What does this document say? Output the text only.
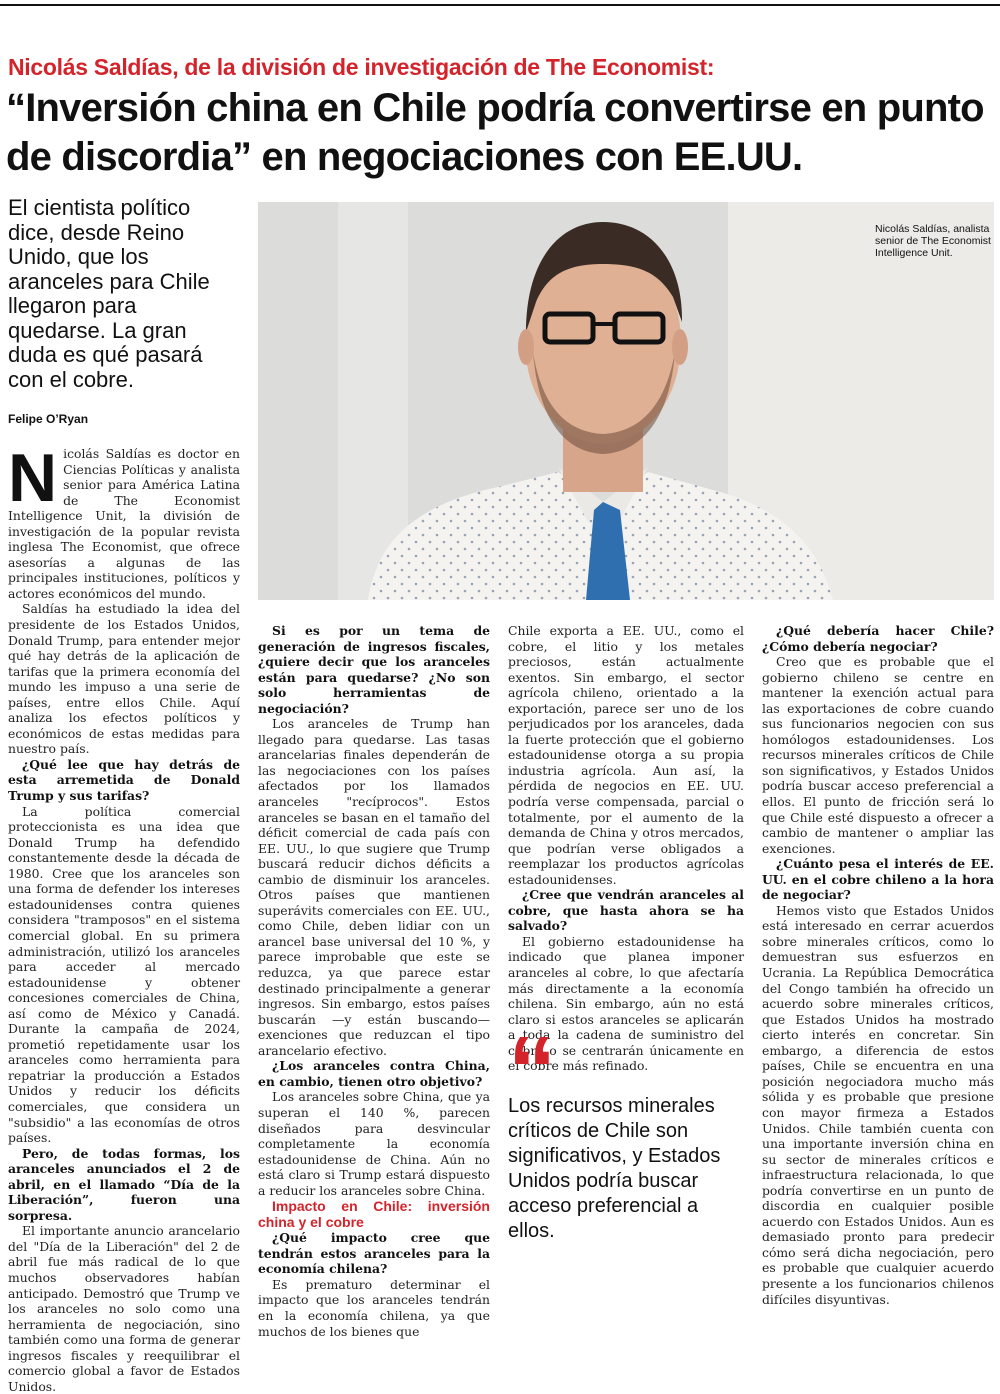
Nicolás Saldías, de la división de investigación de The Economist:
“Inversión china en Chile podría convertirse en punto de discordia” en negociaciones con EE.UU.
El cientista político dice, desde Reino Unido, que los aranceles para Chile llegaron para quedarse. La gran duda es qué pasará con el cobre.
Felipe O’Ryan
Nicolás Saldías, analista senior de The Economist Intelligence Unit.

Nicolás Saldías es doctor en Ciencias Políticas y analista senior para América Latina de The Economist Intelligence Unit, la división de investigación de la popular revista inglesa The Economist, que ofrece asesorías a algunas de las principales instituciones, políticos y actores económicos del mundo.

Saldías ha estudiado la idea del presidente de los Estados Unidos, Donald Trump, para entender mejor qué hay detrás de la aplicación de tarifas que la primera economía del mundo les impuso a una serie de países, entre ellos Chile. Aquí analiza los efectos políticos y económicos de estas medidas para nuestro país.

¿Qué lee que hay detrás de esta arremetida de Donald Trump y sus tarifas?

La política comercial proteccionista es una idea que Donald Trump ha defendido constantemente desde la década de 1980. Cree que los aranceles son una forma de defender los intereses estadounidenses contra quienes considera "tramposos" en el sistema comercial global. En su primera administración, utilizó los aranceles para acceder al mercado estadounidense y obtener concesiones comerciales de China, así como de México y Canadá. Durante la campaña de 2024, prometió repetidamente usar los aranceles como herramienta para repatriar la producción a Estados Unidos y reducir los déficits comerciales, que considera un "subsidio" a las economías de otros países.

Pero, de todas formas, los aranceles anunciados el 2 de abril, en el llamado “Día de la Liberación”, fueron una sorpresa.

El importante anuncio arancelario del "Día de la Liberación" del 2 de abril fue más radical de lo que muchos observadores habían anticipado. Demostró que Trump ve los aranceles no solo como una herramienta de negociación, sino también como una forma de generar ingresos fiscales y reequilibrar el comercio global a favor de Estados Unidos.

Si es por un tema de generación de ingresos fiscales, ¿quiere decir que los aranceles están para quedarse? ¿No son solo herramientas de negociación?

Los aranceles de Trump han llegado para quedarse. Las tasas arancelarias finales dependerán de las negociaciones con los países afectados por los llamados aranceles "recíprocos". Estos aranceles se basan en el tamaño del déficit comercial de cada país con EE. UU., lo que sugiere que Trump buscará reducir dichos déficits a cambio de disminuir los aranceles. Otros países que mantienen superávits comerciales con EE. UU., como Chile, deben lidiar con un arancel base universal del 10 %, y parece improbable que este se reduzca, ya que parece estar destinado principalmente a generar ingresos. Sin embargo, estos países buscarán —y están buscando— exenciones que reduzcan el tipo arancelario efectivo.

¿Los aranceles contra China, en cambio, tienen otro objetivo?

Los aranceles sobre China, que ya superan el 140 %, parecen diseñados para desvincular completamente la economía estadounidense de China. Aún no está claro si Trump estará dispuesto a reducir los aranceles sobre China.

Impacto en Chile: inversión china y el cobre

¿Qué impacto cree que tendrán estos aranceles para la economía chilena?

Es prematuro determinar el impacto que los aranceles tendrán en la economía chilena, ya que muchos de los bienes que

Chile exporta a EE. UU., como el cobre, el litio y los metales preciosos, están actualmente exentos. Sin embargo, el sector agrícola chileno, orientado a la exportación, parece ser uno de los perjudicados por los aranceles, dada la fuerte protección que el gobierno estadounidense otorga a su propia industria agrícola. Aun así, la pérdida de negocios en EE. UU. podría verse compensada, parcial o totalmente, por el aumento de la demanda de China y otros mercados, que podrían verse obligados a reemplazar los productos agrícolas estadounidenses.

¿Cree que vendrán aranceles al cobre, que hasta ahora se ha salvado?

El gobierno estadounidense ha indicado que planea imponer aranceles al cobre, lo que afectaría más directamente a la economía chilena. Sin embargo, aún no está claro si estos aranceles se aplicarán a toda la cadena de suministro del cobre o se centrarán únicamente en el cobre más refinado.

Los recursos minerales críticos de Chile son significativos, y Estados Unidos podría buscar acceso preferencial a ellos.

¿Qué debería hacer Chile? ¿Cómo debería negociar?

Creo que es probable que el gobierno chileno se centre en mantener la exención actual para las exportaciones de cobre cuando sus funcionarios negocien con sus homólogos estadounidenses. Los recursos minerales críticos de Chile son significativos, y Estados Unidos podría buscar acceso preferencial a ellos. El punto de fricción será lo que Chile esté dispuesto a ofrecer a cambio de mantener o ampliar las exenciones.

¿Cuánto pesa el interés de EE. UU. en el cobre chileno a la hora de negociar?

Hemos visto que Estados Unidos está interesado en cerrar acuerdos sobre minerales críticos, como lo demuestran sus esfuerzos en Ucrania. La República Democrática del Congo también ha ofrecido un acuerdo sobre minerales críticos, que Estados Unidos ha mostrado cierto interés en concretar. Sin embargo, a diferencia de estos países, Chile se encuentra en una posición negociadora mucho más sólida y es probable que presione con mayor firmeza a Estados Unidos. Chile también cuenta con una importante inversión china en su sector de minerales críticos e infraestructura relacionada, lo que podría convertirse en un punto de discordia en cualquier posible acuerdo con Estados Unidos. Aun es demasiado pronto para predecir cómo será dicha negociación, pero es probable que cualquier acuerdo presente a los funcionarios chilenos difíciles disyuntivas.
